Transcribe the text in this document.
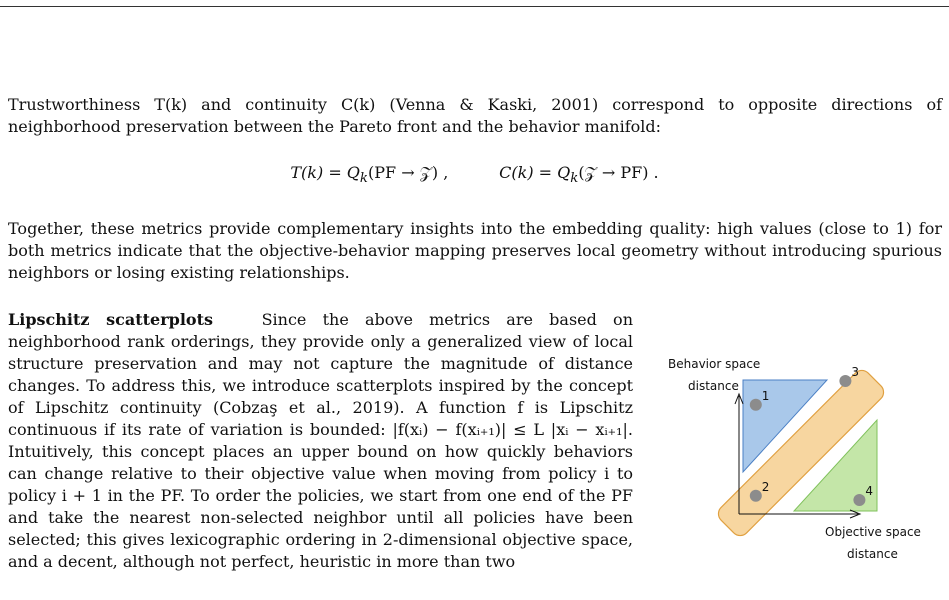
Trustworthiness T(k) and continuity C(k) (Venna & Kaski, 2001) correspond to opposite directions of neighborhood preservation between the Pareto front and the behavior manifold:

$T(k) = Q_k(PF$ → 𝒵) ,	$C(k) = Q_k(𝒵 \to PF)$ .

Together, these metrics provide complementary insights into the embedding quality: high values (close to 1) for both metrics indicate that the objective-behavior mapping preserves local geometry without introducing spurious neighbors or losing existing relationships.

Lipschitz scatterplots	Since the above metrics are based on neighborhood rank orderings, they provide only a generalized view of local structure preservation and may not capture the magnitude of distance changes. To address this, we introduce scatterplots inspired by the concept of Lipschitz continuity (Cobzaş et al., 2019). A function f is Lipschitz continuous if its rate of variation is bounded: |f(xᵢ) − f(xᵢ₊₁)| ≤ L |xᵢ − xᵢ₊₁|. Intuitively, this concept places an upper bound on how quickly behaviors can change relative to their objective value when moving from policy i to policy i + 1 in the PF. To order the policies, we start from one end of the PF and take the nearest non-selected neighbor until all policies have been selected; this gives lexicographic ordering in 2-dimensional objective space, and a decent, although not perfect, heuristic in more than two

Behavior space
distance
Objective space
distance
1
2
3
4
